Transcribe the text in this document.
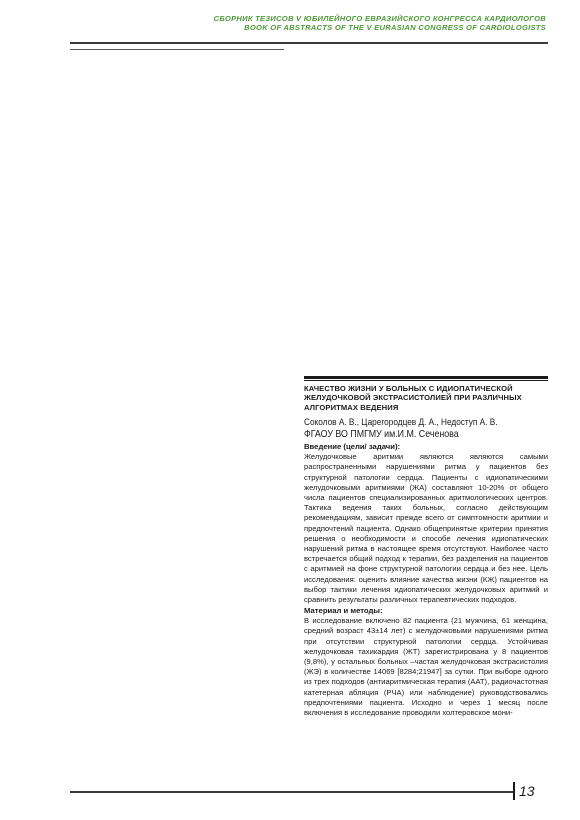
СБОРНИК ТЕЗИСОВ V ЮБИЛЕЙНОГО ЕВРАЗИЙСКОГО КОНГРЕССА КАРДИОЛОГОВ
BOOK OF ABSTRACTS OF THE V EURASIAN CONGRESS OF CARDIOLOGISTS
КАЧЕСТВО ЖИЗНИ У БОЛЬНЫХ С ИДИОПАТИЧЕСКОЙ ЖЕЛУДОЧКОВОЙ ЭКСТРАСИСТОЛИЕЙ ПРИ РАЗЛИЧНЫХ АЛГОРИТМАХ ВЕДЕНИЯ
Соколов А. В., Царегородцев Д. А., Недоступ А. В.
ФГАОУ ВО ПМГМУ им.И.М. Сеченова
Введение (цели/ задачи):
Желудочковые аритмии являются являются самыми распространенными нарушениями ритма у пациентов без структурной патологии сердца. Пациенты с идиопатическими желудочковыми аритмиями (ЖА) составляют 10-20% от общего числа пациентов специализированных аритмологических центров. Тактика ведения таких больных, согласно действующим рекомендациям, зависит прежде всего от симптомности аритмии и предпочтений пациента. Однако общепринятые критерии принятия решения о необходимости и способе лечения идиопатических нарушений ритма в настоящее время отсутствуют. Наиболее часто встречается общий подход к терапии, без разделения на пациентов с аритмией на фоне структурной патологии сердца и без нее. Цель исследования: оценить влияние качества жизни (КЖ) пациентов на выбор тактики лечения идиопатических желудочковых аритмий и сравнить результаты различных терапевтических подходов.
Материал и методы:
В исследование включено 82 пациента (21 мужчина, 61 женщина, средний возраст 43±14 лет) с желудочковыми нарушениями ритма при отсутствии структурной патологии сердца. Устойчивая желудочковая тахикардия (ЖТ) зарегистрирована у 8 пациентов (9,8%), у остальных больных –частая желудочковая экстрасистолия (ЖЭ) в количестве 14069 [8284;21947] за сутки. При выборе одного из трех подходов (антиаритмическая терапия (ААТ), радиочастотная катетерная абляция (РЧА) или наблюдение) руководствовались предпочтениями пациента. Исходно и через 1 месяц после включения в исследование проводили холтеровское мони-
13
